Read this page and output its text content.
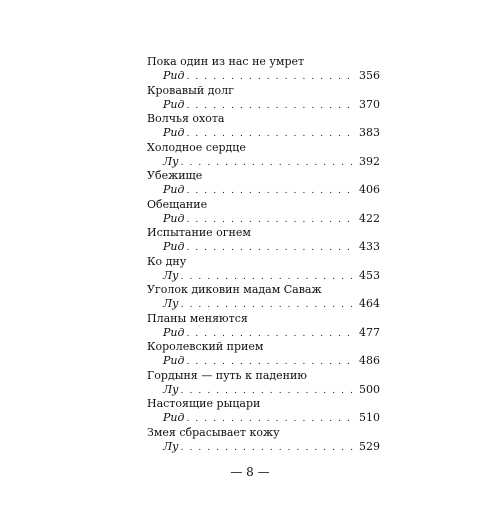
Пока один из нас не умрет
Рид . . .	356
Кровавый долг
Рид . . .	370
Волчья охота
Рид . . .	383
Холодное сердце
Лу . . .	392
Убежище
Рид . . .	406
Обещание
Рид . . .	422
Испытание огнем
Рид . . .	433
Ко дну
Лу . . .	453
Уголок диковин мадам Саваж
Лу . . .	464
Планы меняются
Рид . . .	477
Королевский прием
Рид . . .	486
Гордыня — путь к падению
Лу . . .	500
Настоящие рыцари
Рид . . .	510
Змея сбрасывает кожу
Лу . . .	529
— 8 —
